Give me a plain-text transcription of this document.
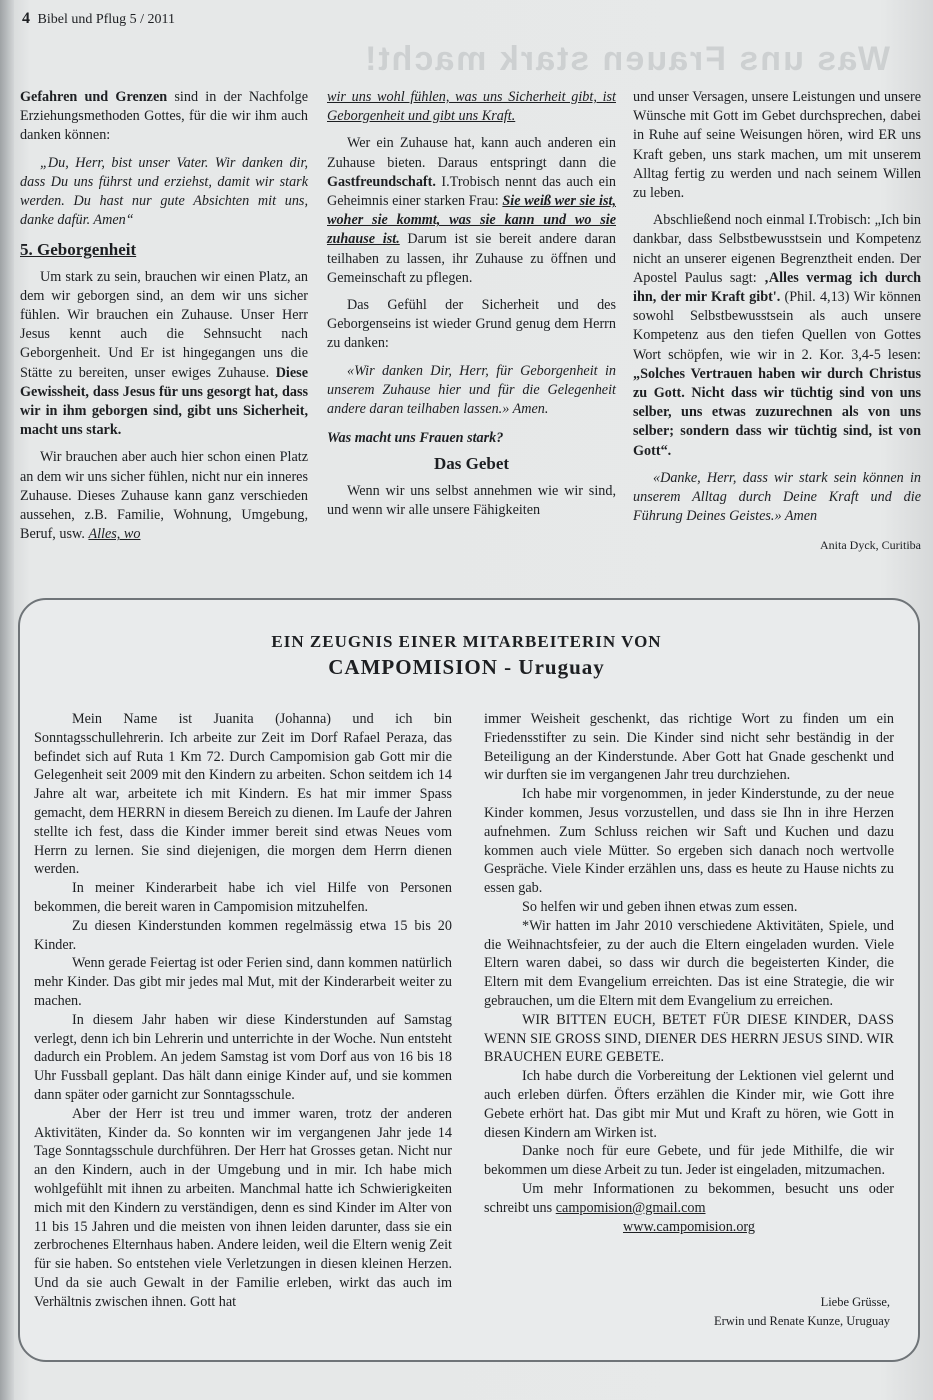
4 Bibel und Pflug 5 / 2011
Was uns Frauen stark macht!

Gefahren und Grenzen sind in der Nachfolge Erziehungsmethoden Gottes, für die wir ihm auch danken können:

„Du, Herr, bist unser Vater. Wir danken dir, dass Du uns führst und erziehst, damit wir stark werden. Du hast nur gute Absichten mit uns, danke dafür. Amen“

5. Geborgenheit

Um stark zu sein, brauchen wir einen Platz, an dem wir geborgen sind, an dem wir uns sicher fühlen. Wir brauchen ein Zuhause. Unser Herr Jesus kennt auch die Sehnsucht nach Geborgenheit. Und Er ist hingegangen uns die Stätte zu bereiten, unser ewiges Zuhause. Diese Gewissheit, dass Jesus für uns gesorgt hat, dass wir in ihm geborgen sind, gibt uns Sicherheit, macht uns stark.

Wir brauchen aber auch hier schon einen Platz an dem wir uns sicher fühlen, nicht nur ein inneres Zuhause. Dieses Zuhause kann ganz verschieden aussehen, z.B. Familie, Wohnung, Umgebung, Beruf, usw. Alles, wo

wir uns wohl fühlen, was uns Sicherheit gibt, ist Geborgenheit und gibt uns Kraft.

Wer ein Zuhause hat, kann auch anderen ein Zuhause bieten. Daraus entspringt dann die Gastfreundschaft. I.Trobisch nennt das auch ein Geheimnis einer starken Frau: Sie weiß wer sie ist, woher sie kommt, was sie kann und wo sie zuhause ist. Darum ist sie bereit andere daran teilhaben zu lassen, ihr Zuhause zu öffnen und Gemeinschaft zu pflegen.

Das Gefühl der Sicherheit und des Geborgenseins ist wieder Grund genug dem Herrn zu danken:

«Wir danken Dir, Herr, für Geborgenheit in unserem Zuhause hier und für die Gelegenheit andere daran teilhaben lassen.» Amen.

Was macht uns Frauen stark?

Das Gebet

Wenn wir uns selbst annehmen wie wir sind, und wenn wir alle unsere Fähigkeiten

und unser Versagen, unsere Leistungen und unsere Wünsche mit Gott im Gebet durchsprechen, dabei in Ruhe auf seine Weisungen hören, wird ER uns Kraft geben, uns stark machen, um mit unserem Alltag fertig zu werden und nach seinem Willen zu leben.

Abschließend noch einmal I.Trobisch: „Ich bin dankbar, dass Selbstbewusstsein und Kompetenz nicht an unserer eigenen Begrenztheit enden. Der Apostel Paulus sagt: ‚Alles vermag ich durch ihn, der mir Kraft gibt'. (Phil. 4,13) Wir können sowohl Selbstbewusstsein als auch unsere Kompetenz aus den tiefen Quellen von Gottes Wort schöpfen, wie wir in 2. Kor. 3,4-5 lesen: „Solches Vertrauen haben wir durch Christus zu Gott. Nicht dass wir tüchtig sind von uns selber, uns etwas zuzurechnen als von uns selber; sondern dass wir tüchtig sind, ist von Gott“.

«Danke, Herr, dass wir stark sein können in unserem Alltag durch Deine Kraft und die Führung Deines Geistes.» Amen

Anita Dyck, Curitiba
EIN ZEUGNIS EINER MITARBEITERIN VON
CAMPOMISION - Uruguay

Mein Name ist Juanita (Johanna) und ich bin Sonntagsschullehrerin. Ich arbeite zur Zeit im Dorf Rafael Peraza, das befindet sich auf Ruta 1 Km 72. Durch Campomision gab Gott mir die Gelegenheit seit 2009 mit den Kindern zu arbeiten. Schon seitdem ich 14 Jahre alt war, arbeitete ich mit Kindern. Es hat mir immer Spass gemacht, dem HERRN in diesem Bereich zu dienen. Im Laufe der Jahren stellte ich fest, dass die Kinder immer bereit sind etwas Neues vom Herrn zu lernen. Sie sind diejenigen, die morgen dem Herrn dienen werden.

In meiner Kinderarbeit habe ich viel Hilfe von Personen bekommen, die bereit waren in Campomision mitzuhelfen.

Zu diesen Kinderstunden kommen regelmässig etwa 15 bis 20 Kinder.

Wenn gerade Feiertag ist oder Ferien sind, dann kommen natürlich mehr Kinder. Das gibt mir jedes mal Mut, mit der Kinderarbeit weiter zu machen.

In diesem Jahr haben wir diese Kinderstunden auf Samstag verlegt, denn ich bin Lehrerin und unterrichte in der Woche. Nun entsteht dadurch ein Problem. An jedem Samstag ist vom Dorf aus von 16 bis 18 Uhr Fussball geplant. Das hält dann einige Kinder auf, und sie kommen dann später oder garnicht zur Sonntagsschule.

Aber der Herr ist treu und immer waren, trotz der anderen Aktivitäten, Kinder da. So konnten wir im vergangenen Jahr jede 14 Tage Sonntagsschule durchführen. Der Herr hat Grosses getan. Nicht nur an den Kindern, auch in der Umgebung und in mir. Ich habe mich wohlgefühlt mit ihnen zu arbeiten. Manchmal hatte ich Schwierigkeiten mich mit den Kindern zu verständigen, denn es sind Kinder im Alter von 11 bis 15 Jahren und die meisten von ihnen leiden darunter, dass sie ein zerbrochenes Elternhaus haben. Andere leiden, weil die Eltern wenig Zeit für sie haben. So entstehen viele Verletzungen in diesen kleinen Herzen. Und da sie auch Gewalt in der Familie erleben, wirkt das auch im Verhältnis zwischen ihnen. Gott hat

immer Weisheit geschenkt, das richtige Wort zu finden um ein Friedensstifter zu sein. Die Kinder sind nicht sehr beständig in der Beteiligung an der Kinderstunde. Aber Gott hat Gnade geschenkt und wir durften sie im vergangenen Jahr treu durchziehen.

Ich habe mir vorgenommen, in jeder Kinderstunde, zu der neue Kinder kommen, Jesus vorzustellen, und dass sie Ihn in ihre Herzen aufnehmen. Zum Schluss reichen wir Saft und Kuchen und dazu kommen auch viele Mütter. So ergeben sich danach noch wertvolle Gespräche. Viele Kinder erzählen uns, dass es heute zu Hause nichts zu essen gab.

So helfen wir und geben ihnen etwas zum essen.

*Wir hatten im Jahr 2010 verschiedene Aktivitäten, Spiele, und die Weihnachtsfeier, zu der auch die Eltern eingeladen wurden. Viele Eltern waren dabei, so dass wir durch die begeisterten Kinder, die Eltern mit dem Evangelium erreichten. Das ist eine Strategie, die wir gebrauchen, um die Eltern mit dem Evangelium zu erreichen.

WIR BITTEN EUCH, BETET FÜR DIESE KINDER, DASS WENN SIE GROSS SIND, DIENER DES HERRN JESUS SIND. WIR BRAUCHEN EURE GEBETE.

Ich habe durch die Vorbereitung der Lektionen viel gelernt und auch erleben dürfen. Öfters erzählen die Kinder mir, wie Gott ihre Gebete erhört hat. Das gibt mir Mut und Kraft zu hören, wie Gott in diesen Kindern am Wirken ist.

Danke noch für eure Gebete, und für jede Mithilfe, die wir bekommen um diese Arbeit zu tun. Jeder ist eingeladen, mitzumachen.

Um mehr Informationen zu bekommen, besucht uns oder schreibt uns campomision@gmail.com

www.campomision.org

Liebe Grüsse,
Erwin und Renate Kunze, Uruguay
